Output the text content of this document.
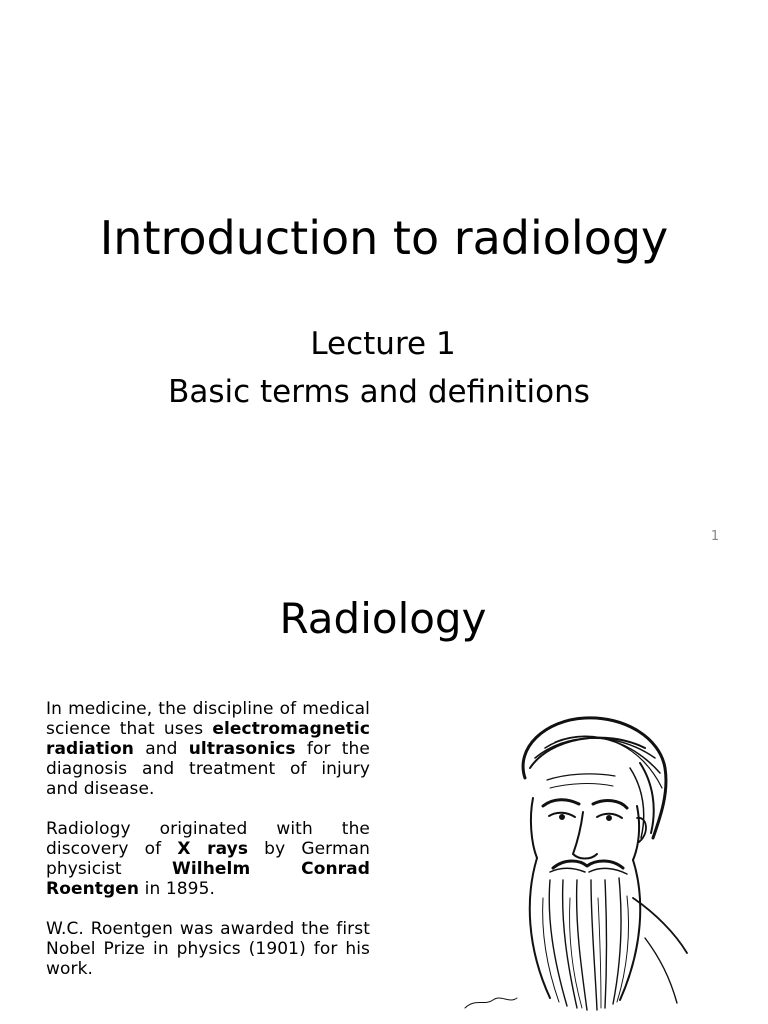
Introduction to radiology
Lecture 1
Basic terms and definitions
1
Radiology
In medicine, the discipline of medical science that uses electromagnetic radiation and ultrasonics for the diagnosis and treatment of injury and disease.
Radiology originated with the discovery of X rays by German physicist Wilhelm Conrad Roentgen in 1895.
W.C. Roentgen was awarded the first Nobel Prize in physics (1901) for his work.
